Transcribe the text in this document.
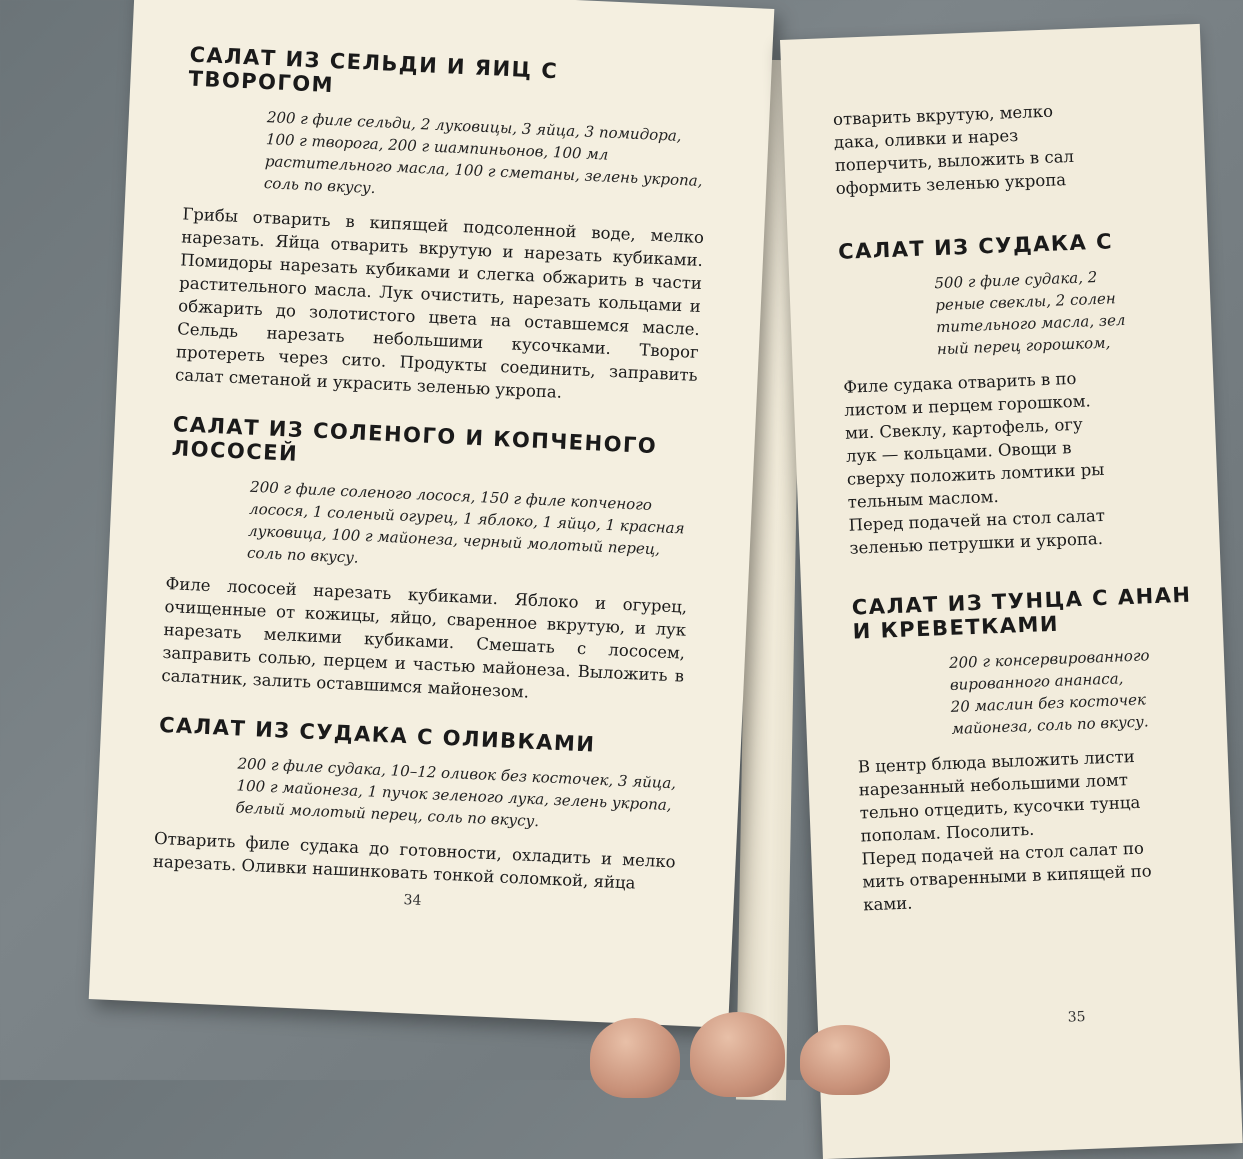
САЛАТ ИЗ СЕЛЬДИ И ЯИЦ С ТВОРОГОМ

200 г филе сельди, 2 луковицы, 3 яйца, 3 помидора, 100 г творога, 200 г шампиньонов, 100 мл растительного масла, 100 г сметаны, зелень укропа, соль по вкусу.

Грибы отварить в кипящей подсоленной воде, мелко нарезать. Яйца отварить вкрутую и нарезать кубиками. Помидоры нарезать кубиками и слегка обжарить в части растительного масла. Лук очистить, нарезать кольцами и обжарить до золотистого цвета на оставшемся масле. Сельдь нарезать небольшими кусочками. Творог протереть через сито. Продукты соединить, заправить салат сметаной и украсить зеленью укропа.

САЛАТ ИЗ СОЛЕНОГО И КОПЧЕНОГО ЛОСОСЕЙ

200 г филе соленого лосося, 150 г филе копченого лосося, 1 соленый огурец, 1 яблоко, 1 яйцо, 1 красная луковица, 100 г майонеза, черный молотый перец, соль по вкусу.

Филе лососей нарезать кубиками. Яблоко и огурец, очищенные от кожицы, яйцо, сваренное вкрутую, и лук нарезать мелкими кубиками. Смешать с лососем, заправить солью, перцем и частью майонеза. Выложить в салатник, залить оставшимся майонезом.

САЛАТ ИЗ СУДАКА С ОЛИВКАМИ

200 г филе судака, 10–12 оливок без косточек, 3 яйца, 100 г майонеза, 1 пучок зеленого лука, зелень укропа, белый молотый перец, соль по вкусу.

Отварить филе судака до готовности, охладить и мелко нарезать. Оливки нашинковать тонкой соломкой, яйца

34
отварить вкрутую, мелко
дака, оливки и нарез
поперчить, выложить в сал
оформить зеленью укропа
САЛАТ ИЗ СУДАКА С
500 г филе судака, 2
реные свеклы, 2 солен
тительного масла, зел
ный перец горошком,
Филе судака отварить в по
листом и перцем горошком.
ми. Свеклу, картофель, огу
лук — кольцами. Овощи в
сверху положить ломтики ры
тельным маслом.
Перед подачей на стол салат
зеленью петрушки и укропа.
САЛАТ ИЗ ТУНЦА С АНАН
И КРЕВЕТКАМИ
200 г консервированного
вированного ананаса,
20 маслин без косточек
майонеза, соль по вкусу.
В центр блюда выложить листи
нарезанный небольшими ломт
тельно отцедить, кусочки тунца
пополам. Посолить.
Перед подачей на стол салат по
мить отваренными в кипящей по
ками.
35
